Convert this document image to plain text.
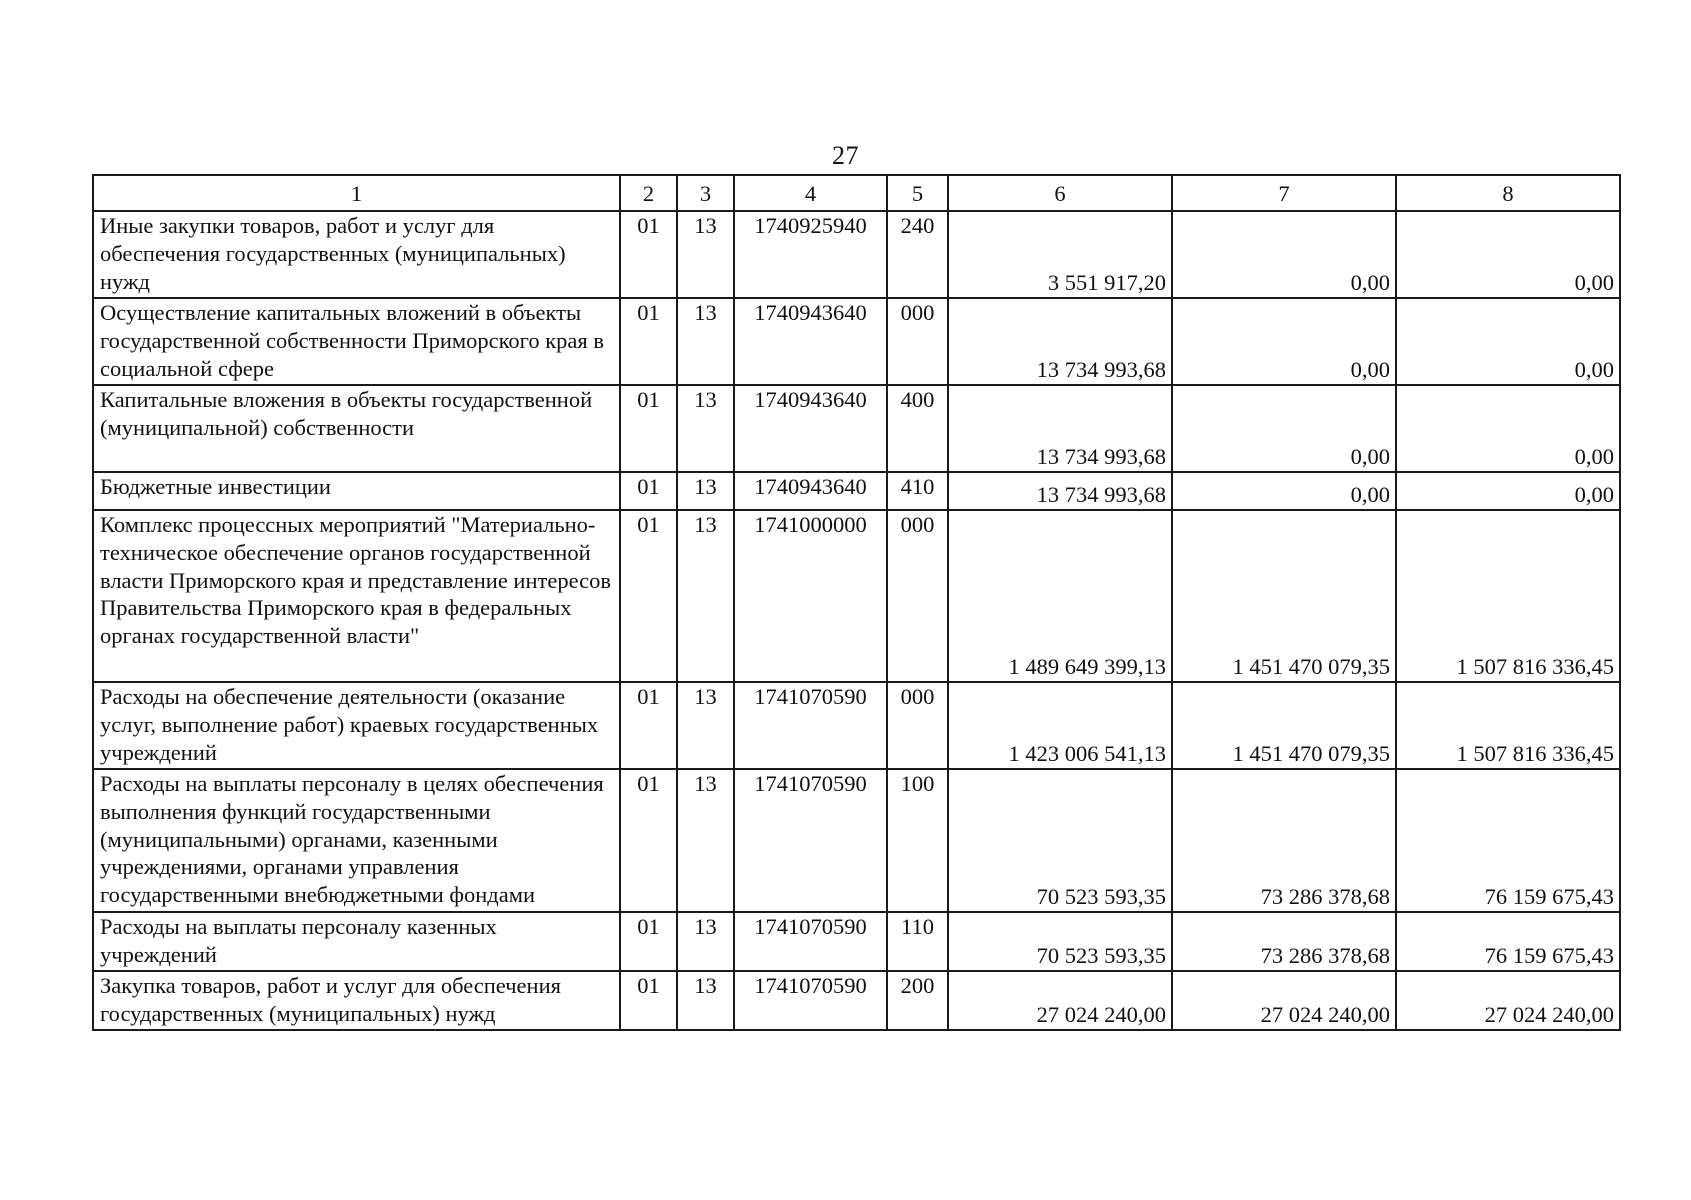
27
1	2	3	4	5	6	7	8
Иные закупки товаров, работ и услуг для обеспечения государственных (муниципальных) нужд	01	13	1740925940	240	3 551 917,20	0,00	0,00
Осуществление капитальных вложений в объекты государственной собственности Приморского края в социальной сфере	01	13	1740943640	000	13 734 993,68	0,00	0,00
Капитальные вложения в объекты государственной (муниципальной) собственности	01	13	1740943640	400	13 734 993,68	0,00	0,00
Бюджетные инвестиции	01	13	1740943640	410	13 734 993,68	0,00	0,00
Комплекс процессных мероприятий "Материально-техническое обеспечение органов государственной власти Приморского края и представление интересов Правительства Приморского края в федеральных органах государственной власти"	01	13	1741000000	000	1 489 649 399,13	1 451 470 079,35	1 507 816 336,45
Расходы на обеспечение деятельности (оказание услуг, выполнение работ) краевых государственных учреждений	01	13	1741070590	000	1 423 006 541,13	1 451 470 079,35	1 507 816 336,45
Расходы на выплаты персоналу в целях обеспечения выполнения функций государственными (муниципальными) органами, казенными учреждениями, органами управления государственными внебюджетными фондами	01	13	1741070590	100	70 523 593,35	73 286 378,68	76 159 675,43
Расходы на выплаты персоналу казенных учреждений	01	13	1741070590	110	70 523 593,35	73 286 378,68	76 159 675,43
Закупка товаров, работ и услуг для обеспечения государственных (муниципальных) нужд	01	13	1741070590	200	27 024 240,00	27 024 240,00	27 024 240,00
